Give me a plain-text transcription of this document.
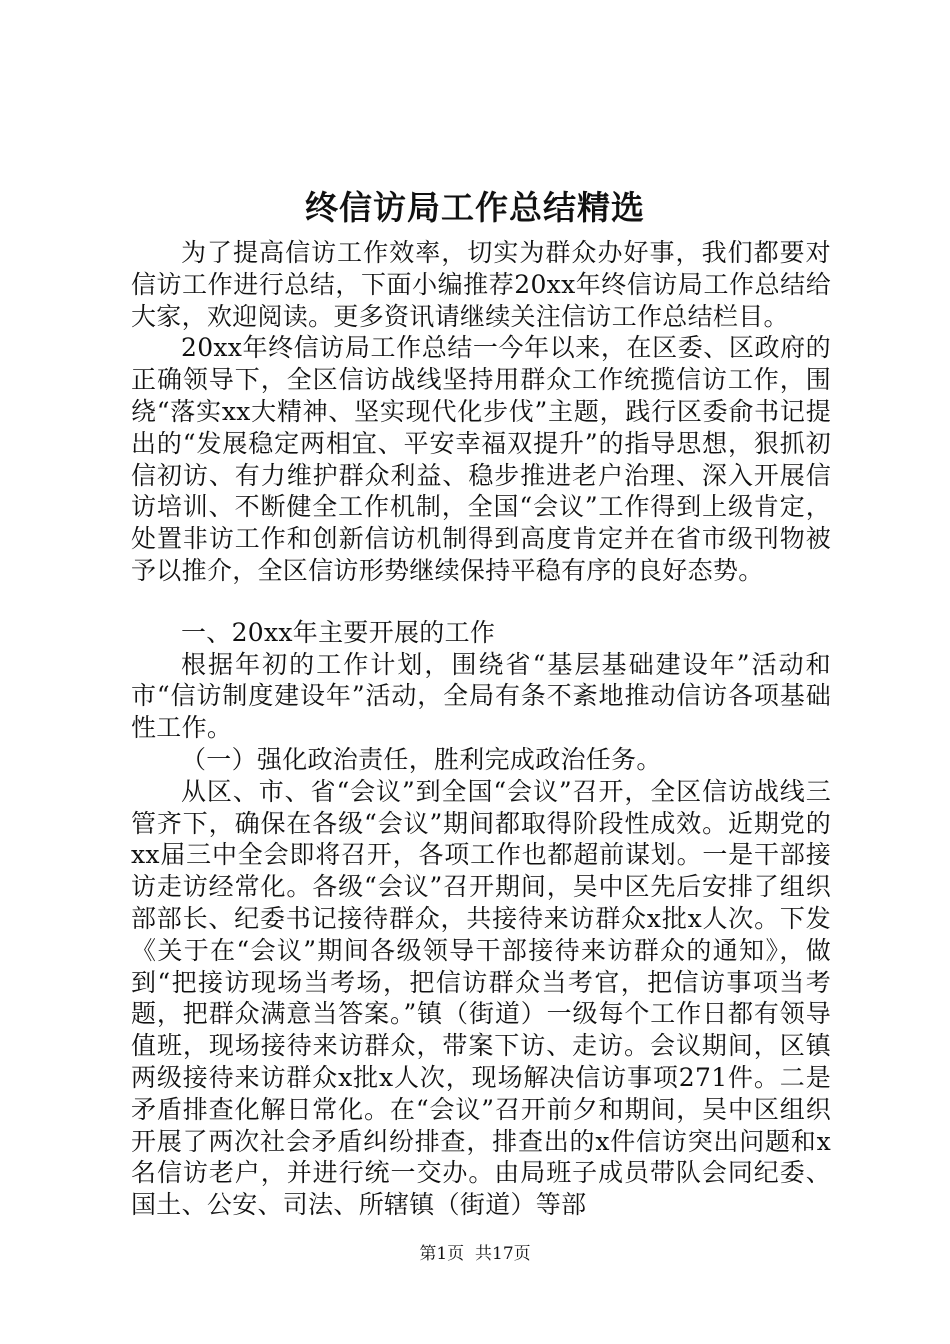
终信访局工作总结精选

为了提高信访工作效率，切实为群众办好事，我们都要对信访工作进行总结，下面小编推荐20xx年终信访局工作总结给大家，欢迎阅读。更多资讯请继续关注信访工作总结栏目。

20xx年终信访局工作总结一今年以来，在区委、区政府的正确领导下，全区信访战线坚持用群众工作统揽信访工作，围绕“落实xx大精神、坚实现代化步伐”主题，践行区委俞书记提出的“发展稳定两相宜、平安幸福双提升”的指导思想，狠抓初信初访、有力维护群众利益、稳步推进老户治理、深入开展信访培训、不断健全工作机制，全国“会议”工作得到上级肯定，处置非访工作和创新信访机制得到高度肯定并在省市级刊物被予以推介，全区信访形势继续保持平稳有序的良好态势。

一、20xx年主要开展的工作

根据年初的工作计划，围绕省“基层基础建设年”活动和市“信访制度建设年”活动，全局有条不紊地推动信访各项基础性工作。

（一）强化政治责任，胜利完成政治任务。

从区、市、省“会议”到全国“会议”召开，全区信访战线三管齐下，确保在各级“会议”期间都取得阶段性成效。近期党的xx届三中全会即将召开，各项工作也都超前谋划。一是干部接访走访经常化。各级“会议”召开期间，吴中区先后安排了组织部部长、纪委书记接待群众，共接待来访群众x批x人次。下发《关于在“会议”期间各级领导干部接待来访群众的通知》，做到“把接访现场当考场，把信访群众当考官，把信访事项当考题，把群众满意当答案。”镇（街道）一级每个工作日都有领导值班，现场接待来访群众，带案下访、走访。会议期间，区镇两级接待来访群众x批x人次，现场解决信访事项271件。二是矛盾排查化解日常化。在“会议”召开前夕和期间，吴中区组织开展了两次社会矛盾纠纷排查，排查出的x件信访突出问题和x名信访老户，并进行统一交办。由局班子成员带队会同纪委、国土、公安、司法、所辖镇（街道）等部

第1页 共17页
